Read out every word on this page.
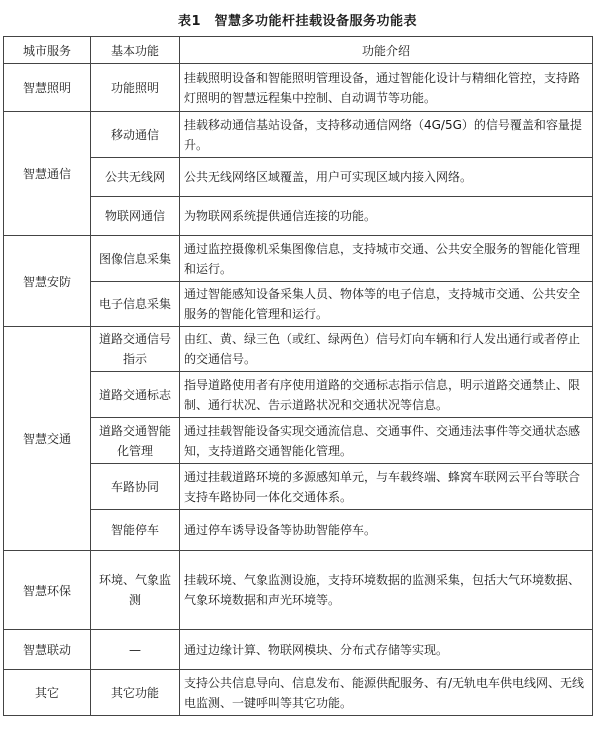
表1　智慧多功能杆挂载设备服务功能表
城市服务	基本功能	功能介绍
智慧照明	功能照明	挂载照明设备和智能照明管理设备，通过智能化设计与精细化管控，支持路灯照明的智慧远程集中控制、自动调节等功能。
智慧通信	移动通信	挂载移动通信基站设备，支持移动通信网络（4G/5G）的信号覆盖和容量提升。
	公共无线网	公共无线网络区域覆盖，用户可实现区域内接入网络。
	物联网通信	为物联网系统提供通信连接的功能。
智慧安防	图像信息采集	通过监控摄像机采集图像信息，支持城市交通、公共安全服务的智能化管理和运行。
	电子信息采集	通过智能感知设备采集人员、物体等的电子信息，支持城市交通、公共安全服务的智能化管理和运行。
智慧交通	道路交通信号指示	由红、黄、绿三色（或红、绿两色）信号灯向车辆和行人发出通行或者停止的交通信号。
	道路交通标志	指导道路使用者有序使用道路的交通标志指示信息，明示道路交通禁止、限制、通行状况、告示道路状况和交通状况等信息。
	道路交通智能化管理	通过挂载智能设备实现交通流信息、交通事件、交通违法事件等交通状态感知，支持道路交通智能化管理。
	车路协同	通过挂载道路环境的多源感知单元，与车载终端、蜂窝车联网云平台等联合支持车路协同一体化交通体系。
	智能停车	通过停车诱导设备等协助智能停车。
智慧环保	环境、气象监测	挂载环境、气象监测设施，支持环境数据的监测采集，包括大气环境数据、气象环境数据和声光环境等。
智慧联动	—	通过边缘计算、物联网模块、分布式存储等实现。
其它	其它功能	支持公共信息导向、信息发布、能源供配服务、有/无轨电车供电线网、无线电监测、一键呼叫等其它功能。
